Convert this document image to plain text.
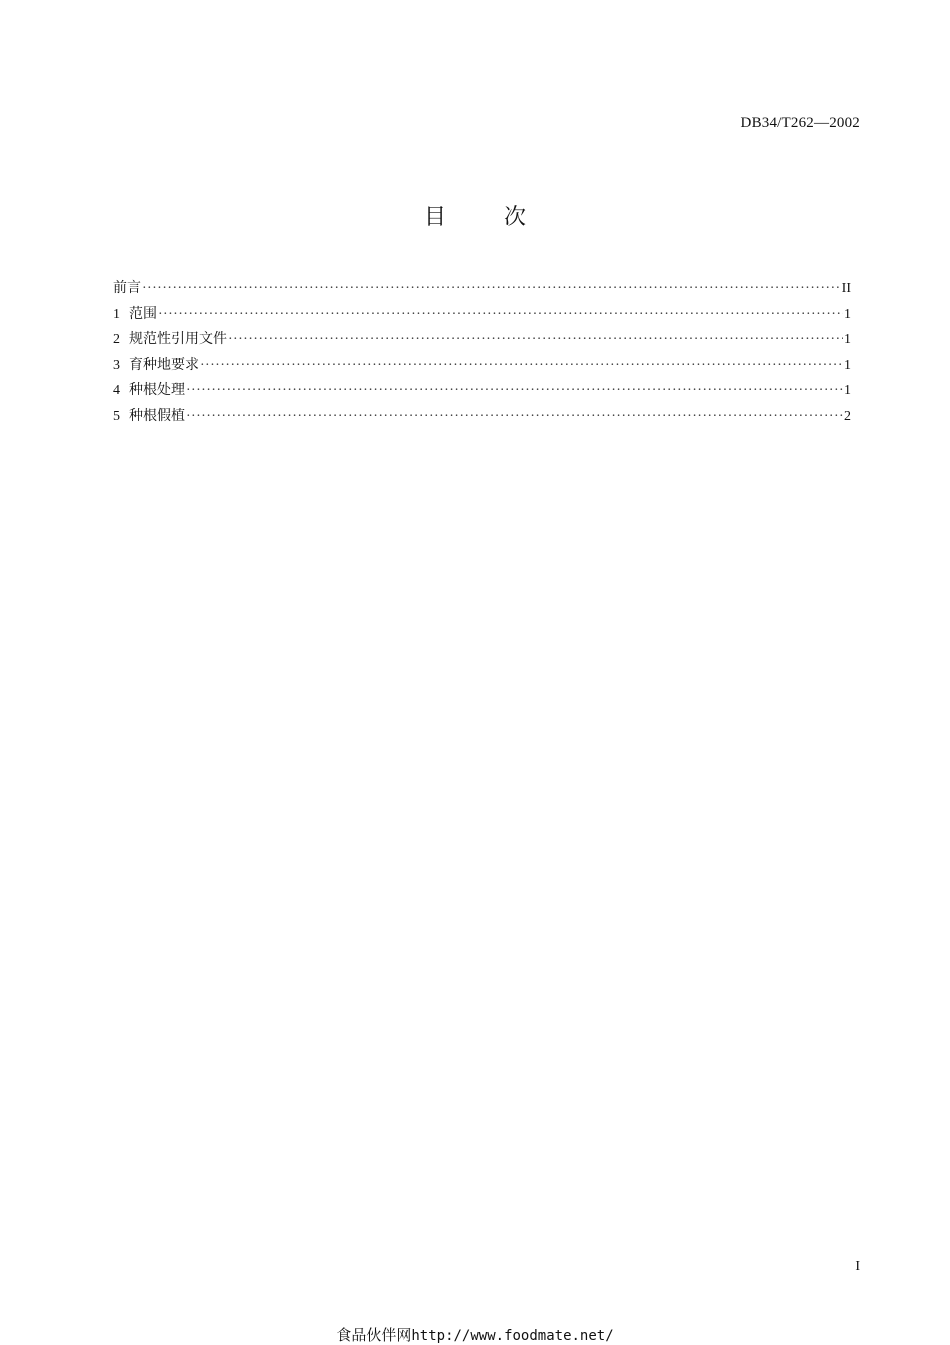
DB34/T262—2002
目次
前言 ·····	II
1 范围 ·····	1
2 规范性引用文件 ·····	1
3 育种地要求 ·····	1
4 种根处理 ·····	1
5 种根假植 ·····	2
I
食品伙伴网http://www.foodmate.net/
